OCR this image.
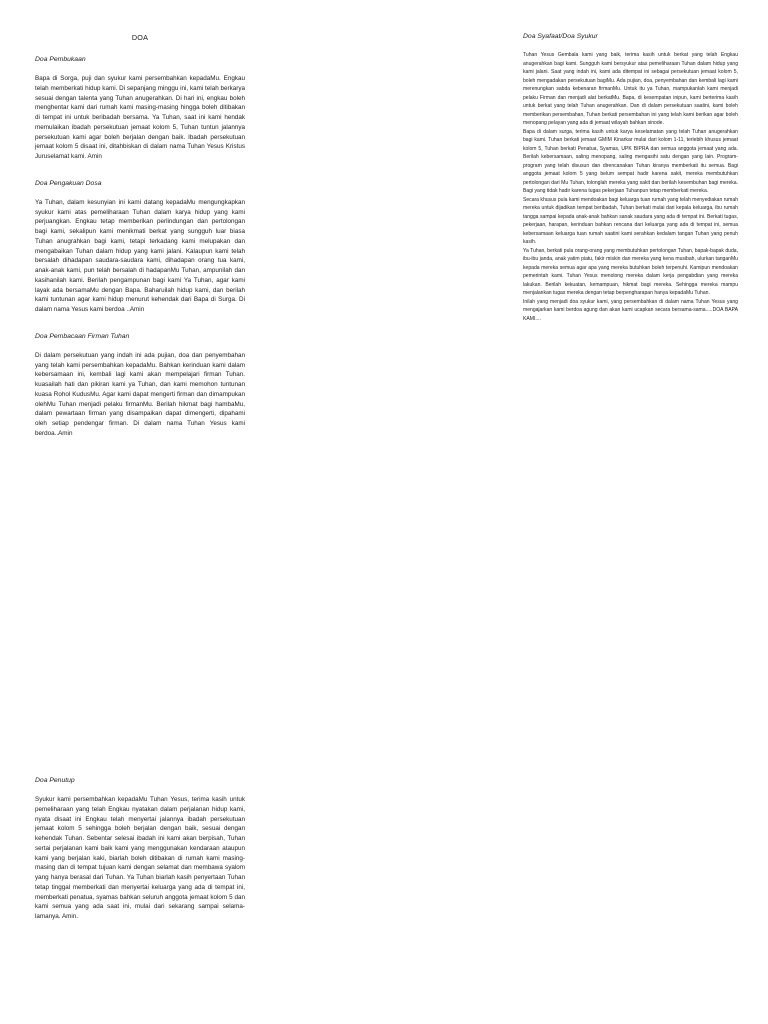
DOA
Doa Pembukaan

Bapa di Sorga, puji dan syukur kami persembahkan kepadaMu. Engkau telah memberkati hidup kami. Di sepanjang minggu ini, kami telah berkarya sesuai dengan talenta yang Tuhan anugerahkan. Di hari ini, engkau boleh menghentar kami dari rumah kami masing-masing hingga boleh ditibakan di tempat ini untuk beribadah bersama. Ya Tuhan, saat ini kami hendak memulaikan ibadah persekutuan jemaat kolom 5, Tuhan tuntun jalannya persekutuan kami agar boleh berjalan dengan baik. Ibadah persekutuan jemaat kolom 5 disaat ini, ditahbiskan di dalam nama Tuhan Yesus Kristus Juruselamat kami. Amin

Doa Pengakuan Dosa

Ya Tuhan, dalam kesunyian ini kami datang kepadaMu mengungkapkan syukur kami atas pemeliharaan Tuhan dalam karya hidup yang kami perjuangkan. Engkau tetap memberikan perlindungan dan pertolongan bagi kami, sekalipun kami menikmati berkat yang sungguh luar biasa Tuhan anugrahkan bagi kami, tetapi terkadang kami melupakan dan mengabaikan Tuhan dalam hidup yang kami jalani. Kalaupun kami telah bersalah dihadapan saudara-saudara kami, dihadapan orang tua kami, anak-anak kami, pun telah bersalah di hadapanMu Tuhan, ampunilah dan kasihanilah kami. Berilah pengampunan bagi kami Ya Tuhan, agar kami layak ada bersamaMu dengan Bapa. Baharuilah hidup kami, dan berilah kami tuntunan agar kami hidup menurut kehendak dari Bapa di Surga. Di dalam nama Yesus kami berdoa ..Amin

Doa Pembacaan Firman Tuhan

Di dalam persekutuan yang indah ini ada pujian, doa dan penyembahan yang telah kami persembahkan kepadaMu. Bahkan kerinduan kami dalam kebersamaan ini, kembali lagi kami akan mempelajari firman Tuhan. kuasailah hati dan pikiran kami ya Tuhan, dan kami memohon tuntunan kuasa Rohol KudusMu. Agar kami dapat mengerti firman dan dimampukan olehMu Tuhan menjadi pelaku firmanMu. Berilah hikmat bagi hambaMu, dalam pewartaan firman yang disampaikan dapat dimengerti, dipahami oleh setiap pendengar firman. Di dalam nama Tuhan Yesus kami berdoa..Amin

Doa Penutup

Syukur kami persembahkan kepadaMu Tuhan Yesus, terima kasih untuk pemeliharaan yang telah Engkau nyatakan dalam perjalanan hidup kami, nyata disaat ini Engkau telah menyertai jalannya ibadah persekutuan jemaat kolom 5 sehingga boleh berjalan dengan baik, sesuai dengan kehendak Tuhan. Sebentar selesai ibadah ini kami akan berpisah, Tuhan sertai perjalanan kami baik kami yang menggunakan kendaraan ataupun kami yang berjalan kaki, biarlah boleh ditibakan di rumah kami masing-masing dan di tempat tujuan kami dengan selamat dan membawa syalom yang hanya berasal dari Tuhan. Ya Tuhan biarlah kasih penyertaan Tuhan tetap tinggal memberkati dan menyertai keluarga yang ada di tempat ini, memberkati penatua, syamas bahkan seluruh anggota jemaat kolom 5 dan kami semua yang ada saat ini, mulai dari sekarang sampai selama-lamanya. Amin.

Doa Syafaat/Doa Syukur

Tuhan Yesus Gembala kami yang baik, terima kasih untuk berkat yang telah Engkau anugerahkan bagi kami. Sungguh kami bersyukur atas pemeliharaan Tuhan dalam hidup yang kami jalani. Saat yang indah ini, kami ada ditempat ini sebagai persekutuan jemaat kolom 5, boleh mengadakan persekutuan bagiMu. Ada pujian, doa, penyembahan dan kembali lagi kami merenungkan sabda kebenaran firmanMu. Untuk itu ya Tuhan, mampukanlah kami menjadi pelaku Firman dan menjadi alat berkatMu. Bapa, di kesempatan inipun, kami berterima kasih untuk berkat yang telah Tuhan anugerahkan. Dan di dalam persekutuan saatini, kami boleh memberikan persembahan, Tuhan berkati persembahan ini yang telah kami berikan agar boleh menopang pelayan yang ada di jemaat wilayah bahkan sinode.

Bapa di dalam surga, terima kasih untuk karya keselamatan yang telah Tuhan anugerahkan bagi kami. Tuhan berkati jemaat GMIM Kinarkar mulai dari kolom 1-11, terlebih khusus jemaat kolom 5, Tuhan berkati Penatua, Syamas, UPK BIPRA dan semua anggota jemaat yang ada. Berilah kebersamaan, saling menopang, saling mengasihi satu dengan yang lain. Program-program yang telah disusun dan direncanakan Tuhan kiranya memberkati itu semua. Bagi anggota jemaat kolom 5 yang belum sempat hadir karena sakit, mereka membutuhkan pertolongan dari Mu Tuhan, tolonglah mereka yang sakit dan berilah kesembuhan bagi mereka. Bagi yang tidak hadir karena tugas pekerjaan Tuhanpun tetap memberkati mereka.

Secara khusus pula kami mendoakan bagi keluarga tuan rumah yang telah menyediakan rumah mereka untuk dijadikan tempat beribadah, Tuhan berkati mulai dari kepala keluarga, ibu rumah tangga sampai kepada anak-anak bahkan sanak saudara yang ada di tempat ini. Berkati tugas, pekerjaan, harapan, kerinduan bahkan rencana dari keluarga yang ada di tempat ini, semua kebersamaan keluarga tuan rumah saatini kami serahkan kedalam tangan Tuhan yang penuh kasih.

Ya Tuhan, berkati pula orang-orang yang membutuhkan pertolongan Tuhan, bapak-bapak duda, ibu-ibu janda, anak yatim piatu, fakir miskin dan mereka yang kena musibah, ulurkan tanganMu kepada mereka semua agar apa yang mereka butuhkan boleh terpenuhi. Kamipun mendoakan pemerintah kami. Tuhan Yesus menolong mereka dalam kerja pengabdian yang mereka lakukan. Berilah kekuatan, kemampuan, hikmat bagi mereka. Sehingga mereka mampu menjalankan tugas mereka dengan tetap berpengharapan hanya kepadaMu Tuhan.

Inilah yang menjadi doa syukur kami, yang persembahkan di dalam nama Tuhan Yesus yang mengajarkan kami berdoa agung dan akan kami ucapkan secara bersama-sama.....DOA BAPA KAMI....
